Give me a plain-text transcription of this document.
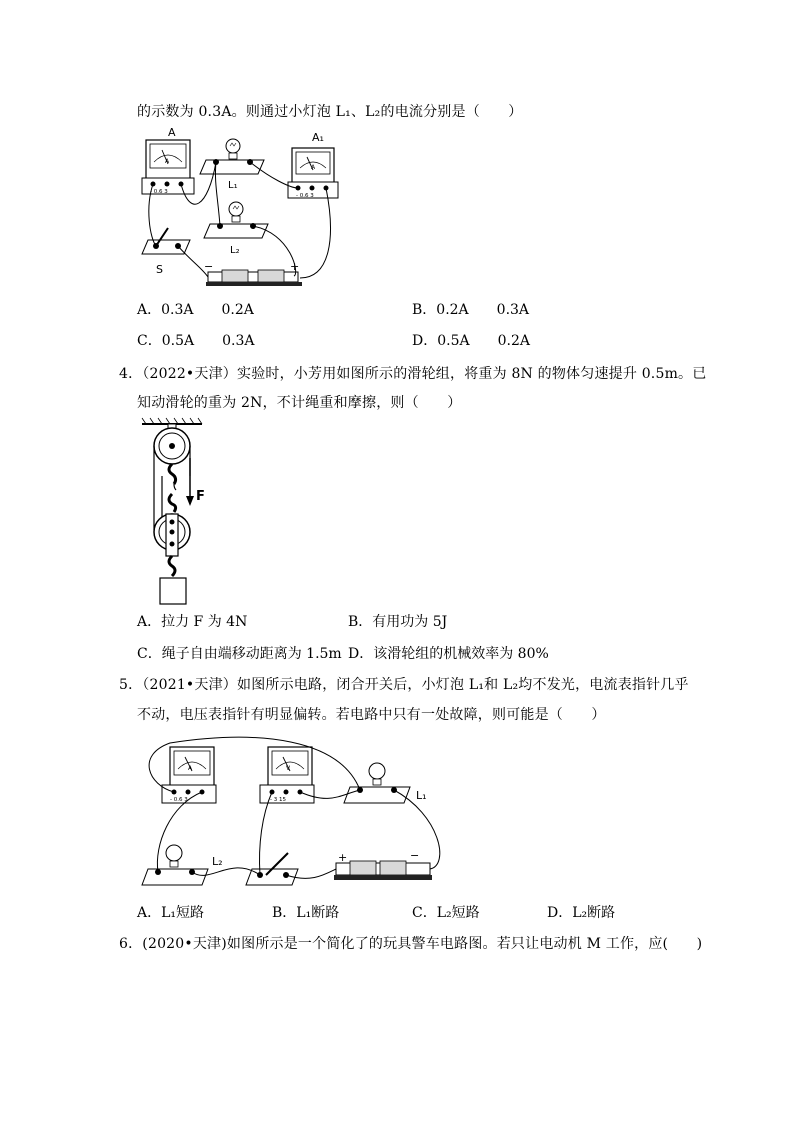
的示数为 0.3A。则通过小灯泡 L₁、L₂的电流分别是（　　）
A
- 0.6 3
A
L₁
A
- 0.6 3
A₁
L₂
S	−	+
A．0.3A　　0.2A	B．0.2A　　0.3A
C．0.5A　　0.3A	D．0.5A　　0.2A
4．（2022•天津）实验时，小芳用如图所示的滑轮组，将重为 8N 的物体匀速提升 0.5m。已
知动滑轮的重为 2N，不计绳重和摩擦，则（　　）
F
A．拉力 F 为 4N	B．有用功为 5J
C．绳子自由端移动距离为 1.5m D．该滑轮组的机械效率为 80%
5．（2021•天津）如图所示电路，闭合开关后，小灯泡 L₁和 L₂均不发光，电流表指针几乎
不动，电压表指针有明显偏转。若电路中只有一处故障，则可能是（　　）
A
- 0.6 3
V
- 3 15	L₁
L₂	+	−
A．L₁短路	B．L₁断路	C．L₂短路	D．L₂断路
6．(2020•天津)如图所示是一个简化了的玩具警车电路图。若只让电动机 M 工作，应(　　)
